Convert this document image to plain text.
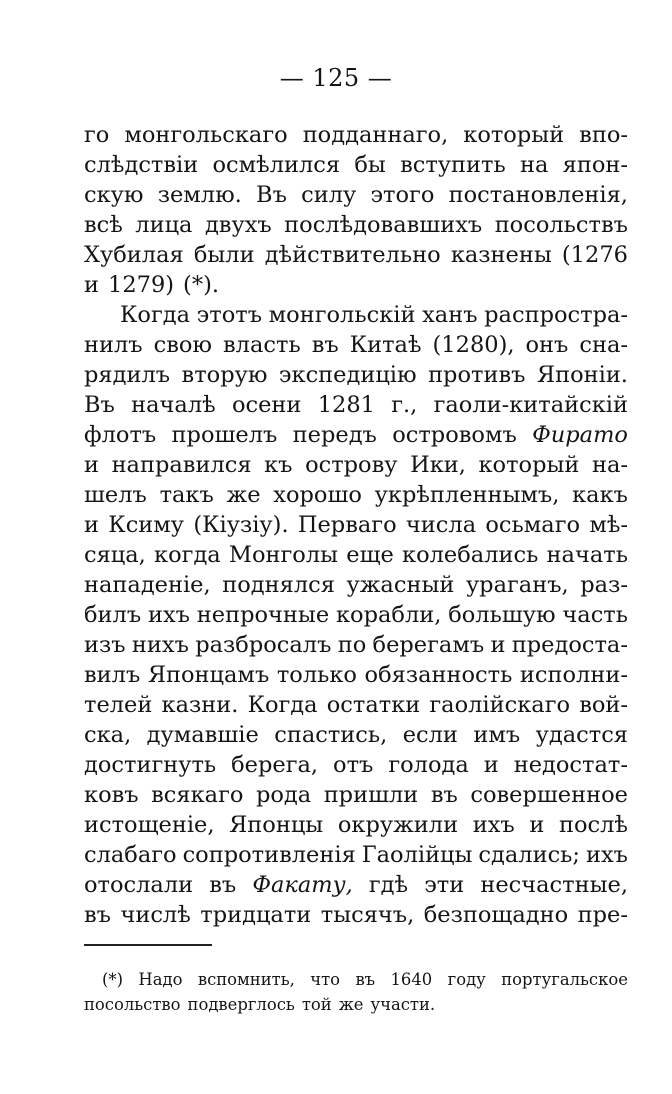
— 125 —
го монгольскаго подданнаго, который впо-
слѣдствіи осмѣлился бы вступить на япон-
скую землю. Въ силу этого постановленія,
всѣ лица двухъ послѣдовавшихъ посольствъ
Хубилая были дѣйствительно казнены (1276
и 1279) (*).
Когда этотъ монгольскій ханъ распростра-
нилъ свою власть въ Китаѣ (1280), онъ сна-
рядилъ вторую экспедицію противъ Японіи.
Въ началѣ осени 1281 г., гаоли-китайскій
флотъ прошелъ передъ островомъ Фирато
и направился къ острову Ики, который на-
шелъ такъ же хорошо укрѣпленнымъ, какъ
и Ксиму (Кіузіу). Перваго числа осьмаго мѣ-
сяца, когда Монголы еще колебались начать
нападеніе, поднялся ужасный ураганъ, раз-
билъ ихъ непрочные корабли, большую часть
изъ нихъ разбросалъ по берегамъ и предоста-
вилъ Японцамъ только обязанность исполни-
телей казни. Когда остатки гаолійскаго вой-
ска, думавшіе спастись, если имъ удастся
достигнуть берега, отъ голода и недостат-
ковъ всякаго рода пришли въ совершенное
истощеніе, Японцы окружили ихъ и послѣ
слабаго сопротивленія Гаолійцы сдались; ихъ
отослали въ Факату, гдѣ эти несчастные,
въ числѣ тридцати тысячъ, безпощадно пре-
(*) Надо вспомнить, что въ 1640 году португальское
посольство подверглось той же участи.
